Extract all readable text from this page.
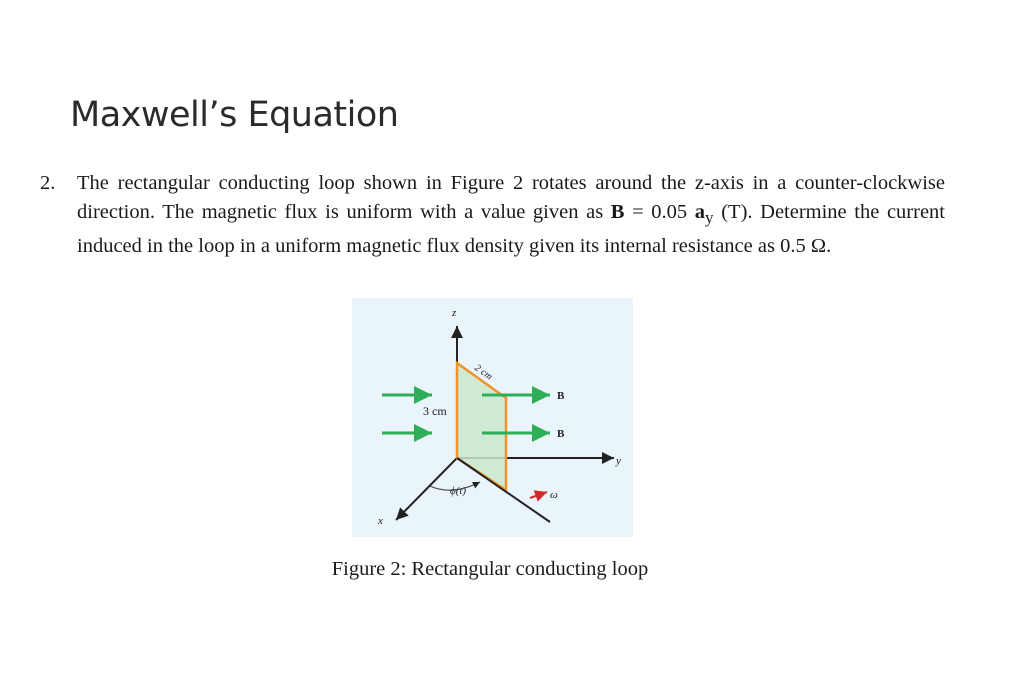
Maxwell’s Equation
2. The rectangular conducting loop shown in Figure 2 rotates around the z-axis in a counter-clockwise direction. The magnetic flux is uniform with a value given as B = 0.05 $a_y$ (T). Determine the current induced in the loop in a uniform magnetic flux density given its internal resistance as 0.5 Ω.
z
y
x
2 cm
3 cm
B
B
ϕ(t)	ω
Figure 2: Rectangular conducting loop
